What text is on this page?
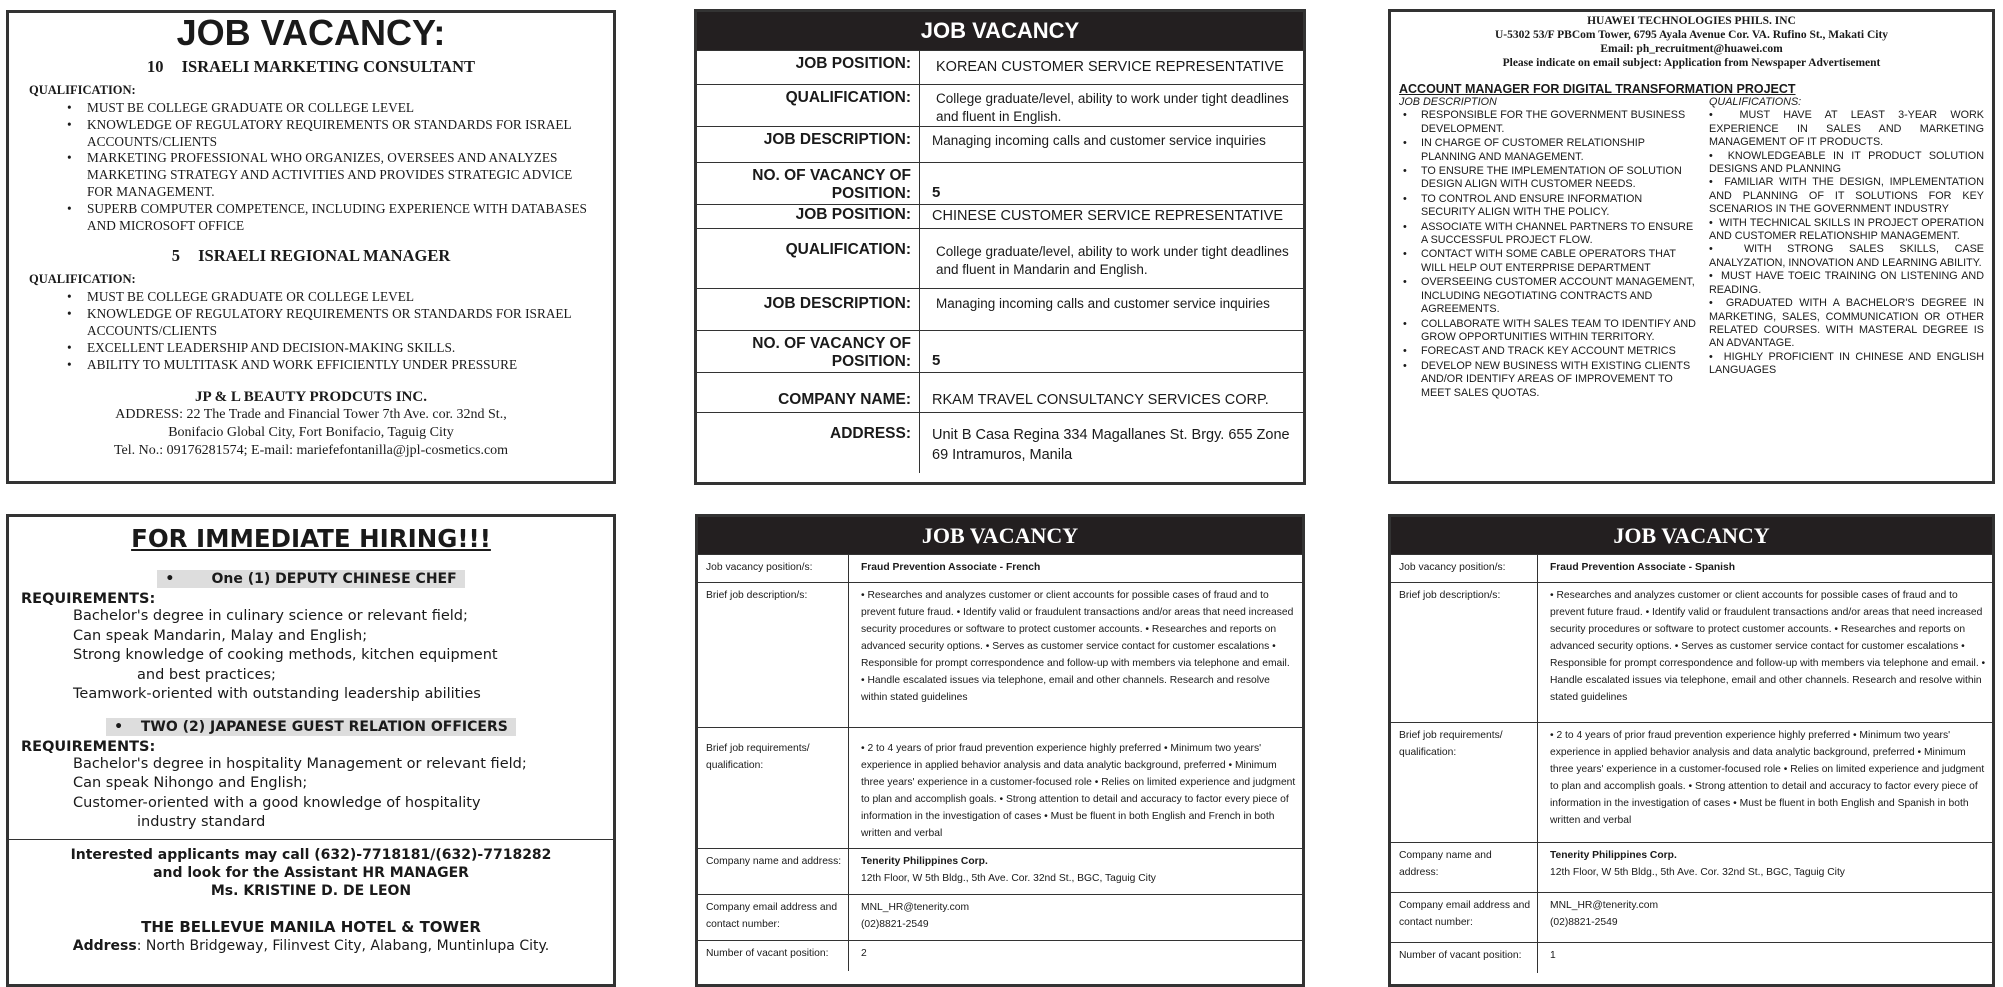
JOB VACANCY:
10 ISRAELI MARKETING CONSULTANT
QUALIFICATION:
• MUST BE COLLEGE GRADUATE OR COLLEGE LEVEL
• KNOWLEDGE OF REGULATORY REQUIREMENTS OR STANDARDS FOR ISRAEL ACCOUNTS/CLIENTS
• MARKETING PROFESSIONAL WHO ORGANIZES, OVERSEES AND ANALYZES MARKETING STRATEGY AND ACTIVITIES AND PROVIDES STRATEGIC ADVICE FOR MANAGEMENT.
• SUPERB COMPUTER COMPETENCE, INCLUDING EXPERIENCE WITH DATABASES AND MICROSOFT OFFICE
5 ISRAELI REGIONAL MANAGER
QUALIFICATION:
• MUST BE COLLEGE GRADUATE OR COLLEGE LEVEL
• KNOWLEDGE OF REGULATORY REQUIREMENTS OR STANDARDS FOR ISRAEL ACCOUNTS/CLIENTS
• EXCELLENT LEADERSHIP AND DECISION-MAKING SKILLS.
• ABILITY TO MULTITASK AND WORK EFFICIENTLY UNDER PRESSURE
JP & L BEAUTY PRODCUTS INC.
ADDRESS: 22 The Trade and Financial Tower 7th Ave. cor. 32nd St.,
Bonifacio Global City, Fort Bonifacio, Taguig City
Tel. No.: 09176281574; E-mail: mariefefontanilla@jpl-cosmetics.com
JOB VACANCY
JOB POSITION:	KOREAN CUSTOMER SERVICE REPRESENTATIVE
QUALIFICATION:	College graduate/level, ability to work under tight deadlines and fluent in English.
JOB DESCRIPTION:	Managing incoming calls and customer service inquiries
NO. OF VACANCY OF POSITION:	5
JOB POSITION:	CHINESE CUSTOMER SERVICE REPRESENTATIVE
QUALIFICATION:	College graduate/level, ability to work under tight deadlines and fluent in Mandarin and English.
JOB DESCRIPTION:	Managing incoming calls and customer service inquiries
NO. OF VACANCY OF POSITION:	5
COMPANY NAME:	RKAM TRAVEL CONSULTANCY SERVICES CORP.
ADDRESS:	Unit B Casa Regina 334 Magallanes St. Brgy. 655 Zone 69 Intramuros, Manila
HUAWEI TECHNOLOGIES PHILS. INC
U-5302 53/F PBCom Tower, 6795 Ayala Avenue Cor. VA. Rufino St., Makati City
Email: ph_recruitment@huawei.com
Please indicate on email subject: Application from Newspaper Advertisement
ACCOUNT MANAGER FOR DIGITAL TRANSFORMATION PROJECT
JOB DESCRIPTION
• RESPONSIBLE FOR THE GOVERNMENT BUSINESS DEVELOPMENT.
• IN CHARGE OF CUSTOMER RELATIONSHIP PLANNING AND MANAGEMENT.
• TO ENSURE THE IMPLEMENTATION OF SOLUTION DESIGN ALIGN WITH CUSTOMER NEEDS.
• TO CONTROL AND ENSURE INFORMATION SECURITY ALIGN WITH THE POLICY.
• ASSOCIATE WITH CHANNEL PARTNERS TO ENSURE A SUCCESSFUL PROJECT FLOW.
• CONTACT WITH SOME CABLE OPERATORS THAT WILL HELP OUT ENTERPRISE DEPARTMENT
• OVERSEEING CUSTOMER ACCOUNT MANAGEMENT, INCLUDING NEGOTIATING CONTRACTS AND AGREEMENTS.
• COLLABORATE WITH SALES TEAM TO IDENTIFY AND GROW OPPORTUNITIES WITHIN TERRITORY.
• FORECAST AND TRACK KEY ACCOUNT METRICS
• DEVELOP NEW BUSINESS WITH EXISTING CLIENTS AND/OR IDENTIFY AREAS OF IMPROVEMENT TO MEET SALES QUOTAS.
QUALIFICATIONS:
•  MUST HAVE AT LEAST 3-YEAR WORK EXPERIENCE IN SALES AND MARKETING MANAGEMENT OF IT PRODUCTS.
•  KNOWLEDGEABLE IN IT PRODUCT SOLUTION DESIGNS AND PLANNING
•  FAMILIAR WITH THE DESIGN, IMPLEMENTATION AND PLANNING OF IT SOLUTIONS FOR KEY SCENARIOS IN THE GOVERNMENT INDUSTRY
•  WITH TECHNICAL SKILLS IN PROJECT OPERATION AND CUSTOMER RELATIONSHIP MANAGEMENT.
•  WITH STRONG SALES SKILLS, CASE ANALYZATION, INNOVATION AND LEARNING ABILITY.
•  MUST HAVE TOEIC TRAINING ON LISTENING AND READING.
•  GRADUATED WITH A BACHELOR'S DEGREE IN MARKETING, SALES, COMMUNICATION OR OTHER RELATED COURSES. WITH MASTERAL DEGREE IS AN ADVANTAGE.
•  HIGHLY PROFICIENT IN CHINESE AND ENGLISH LANGUAGES
FOR IMMEDIATE HIRING!!!
•      One (1) DEPUTY CHINESE CHEF
REQUIREMENTS:
Bachelor's degree in culinary science or relevant field;
Can speak Mandarin, Malay and English;
Strong knowledge of cooking methods, kitchen equipment
and best practices;
Teamwork-oriented with outstanding leadership abilities
•  TWO (2) JAPANESE GUEST RELATION OFFICERS
REQUIREMENTS:
Bachelor's degree in hospitality Management or relevant field;
Can speak Nihongo and English;
Customer-oriented with a good knowledge of hospitality
industry standard
Interested applicants may call (632)-7718181/(632)-7718282
and look for the Assistant HR MANAGER
Ms. KRISTINE D. DE LEON
THE BELLEVUE MANILA HOTEL & TOWER
Address: North Bridgeway, Filinvest City, Alabang, Muntinlupa City.
JOB VACANCY
Job vacancy position/s:	Fraud Prevention Associate - French
Brief job description/s:	• Researches and analyzes customer or client accounts for possible cases of fraud and to prevent future fraud. • Identify valid or fraudulent transactions and/or areas that need increased security procedures or software to protect customer accounts. • Researches and reports on advanced security options. • Serves as customer service contact for customer escalations • Responsible for prompt correspondence and follow-up with members via telephone and email. • Handle escalated issues via telephone, email and other channels. Research and resolve within stated guidelines
Brief job requirements/ qualification:	• 2 to 4 years of prior fraud prevention experience highly preferred • Minimum two years' experience in applied behavior analysis and data analytic background, preferred • Minimum three years' experience in a customer-focused role • Relies on limited experience and judgment to plan and accomplish goals. • Strong attention to detail and accuracy to factor every piece of information in the investigation of cases • Must be fluent in both English and French in both written and verbal
Company name and address:	Tenerity Philippines Corp.
12th Floor, W 5th Bldg., 5th Ave. Cor. 32nd St., BGC, Taguig City

Company email address and contact number:	MNL_HR@tenerity.com
(02)8821-2549

Number of vacant position:	2
JOB VACANCY
Job vacancy position/s:	Fraud Prevention Associate - Spanish
Brief job description/s:	• Researches and analyzes customer or client accounts for possible cases of fraud and to prevent future fraud. • Identify valid or fraudulent transactions and/or areas that need increased security procedures or software to protect customer accounts. • Researches and reports on advanced security options. • Serves as customer service contact for customer escalations • Responsible for prompt correspondence and follow-up with members via telephone and email. • Handle escalated issues via telephone, email and other channels. Research and resolve within stated guidelines
Brief job requirements/ qualification:	• 2 to 4 years of prior fraud prevention experience highly preferred • Minimum two years' experience in applied behavior analysis and data analytic background, preferred • Minimum three years' experience in a customer-focused role • Relies on limited experience and judgment to plan and accomplish goals. • Strong attention to detail and accuracy to factor every piece of information in the investigation of cases • Must be fluent in both English and Spanish in both written and verbal
Company name and address:	Tenerity Philippines Corp.
12th Floor, W 5th Bldg., 5th Ave. Cor. 32nd St., BGC, Taguig City

Company email address and contact number:	MNL_HR@tenerity.com
(02)8821-2549

Number of vacant position:	1
